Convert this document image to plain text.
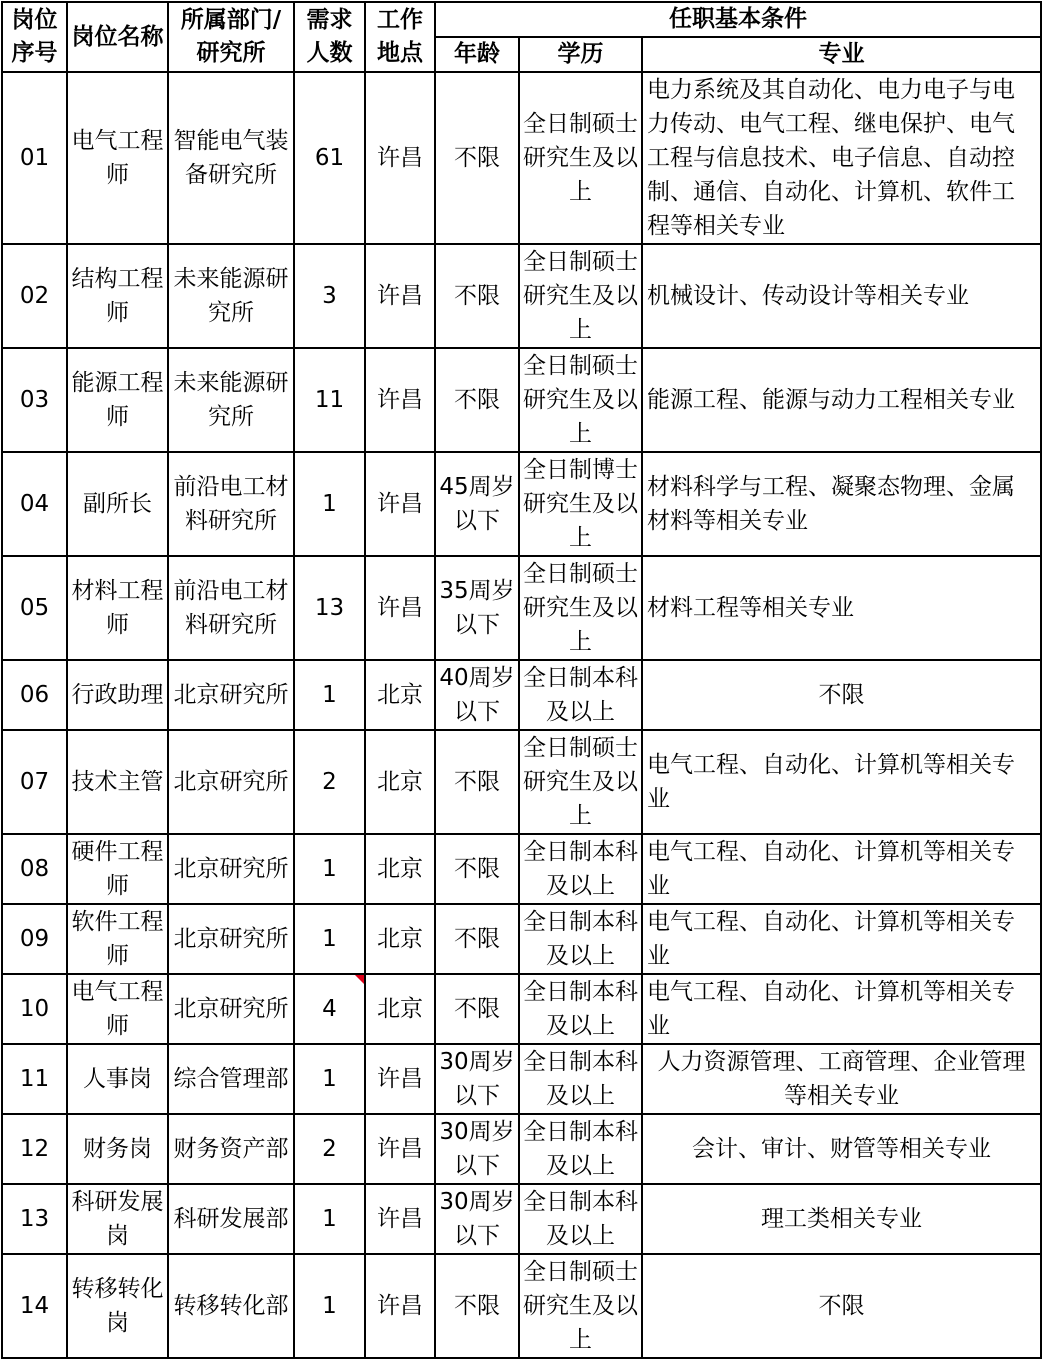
岗位序号	岗位名称	所属部门/研究所	需求人数	工作地点	任职基本条件		
					年龄	学历	专业
01	电气工程师	智能电气装备研究所	61	许昌	不限	全日制硕士研究生及以上	电力系统及其自动化、电力电子与电力传动、电气工程、继电保护、电气工程与信息技术、电子信息、自动控制、通信、自动化、计算机、软件工程等相关专业
02	结构工程师	未来能源研究所	3	许昌	不限	全日制硕士研究生及以上	机械设计、传动设计等相关专业
03	能源工程师	未来能源研究所	11	许昌	不限	全日制硕士研究生及以上	能源工程、能源与动力工程相关专业
04	副所长	前沿电工材料研究所	1	许昌	45周岁以下	全日制博士研究生及以上	材料科学与工程、凝聚态物理、金属材料等相关专业
05	材料工程师	前沿电工材料研究所	13	许昌	35周岁以下	全日制硕士研究生及以上	材料工程等相关专业
06	行政助理	北京研究所	1	北京	40周岁以下	全日制本科及以上	不限
07	技术主管	北京研究所	2	北京	不限	全日制硕士研究生及以上	电气工程、自动化、计算机等相关专业
08	硬件工程师	北京研究所	1	北京	不限	全日制本科及以上	电气工程、自动化、计算机等相关专业
09	软件工程师	北京研究所	1	北京	不限	全日制本科及以上	电气工程、自动化、计算机等相关专业
10	电气工程师	北京研究所	4	北京	不限	全日制本科及以上	电气工程、自动化、计算机等相关专业
11	人事岗	综合管理部	1	许昌	30周岁以下	全日制本科及以上	人力资源管理、工商管理、企业管理等相关专业
12	财务岗	财务资产部	2	许昌	30周岁以下	全日制本科及以上	会计、审计、财管等相关专业
13	科研发展岗	科研发展部	1	许昌	30周岁以下	全日制本科及以上	理工类相关专业
14	转移转化岗	转移转化部	1	许昌	不限	全日制硕士研究生及以上	不限
